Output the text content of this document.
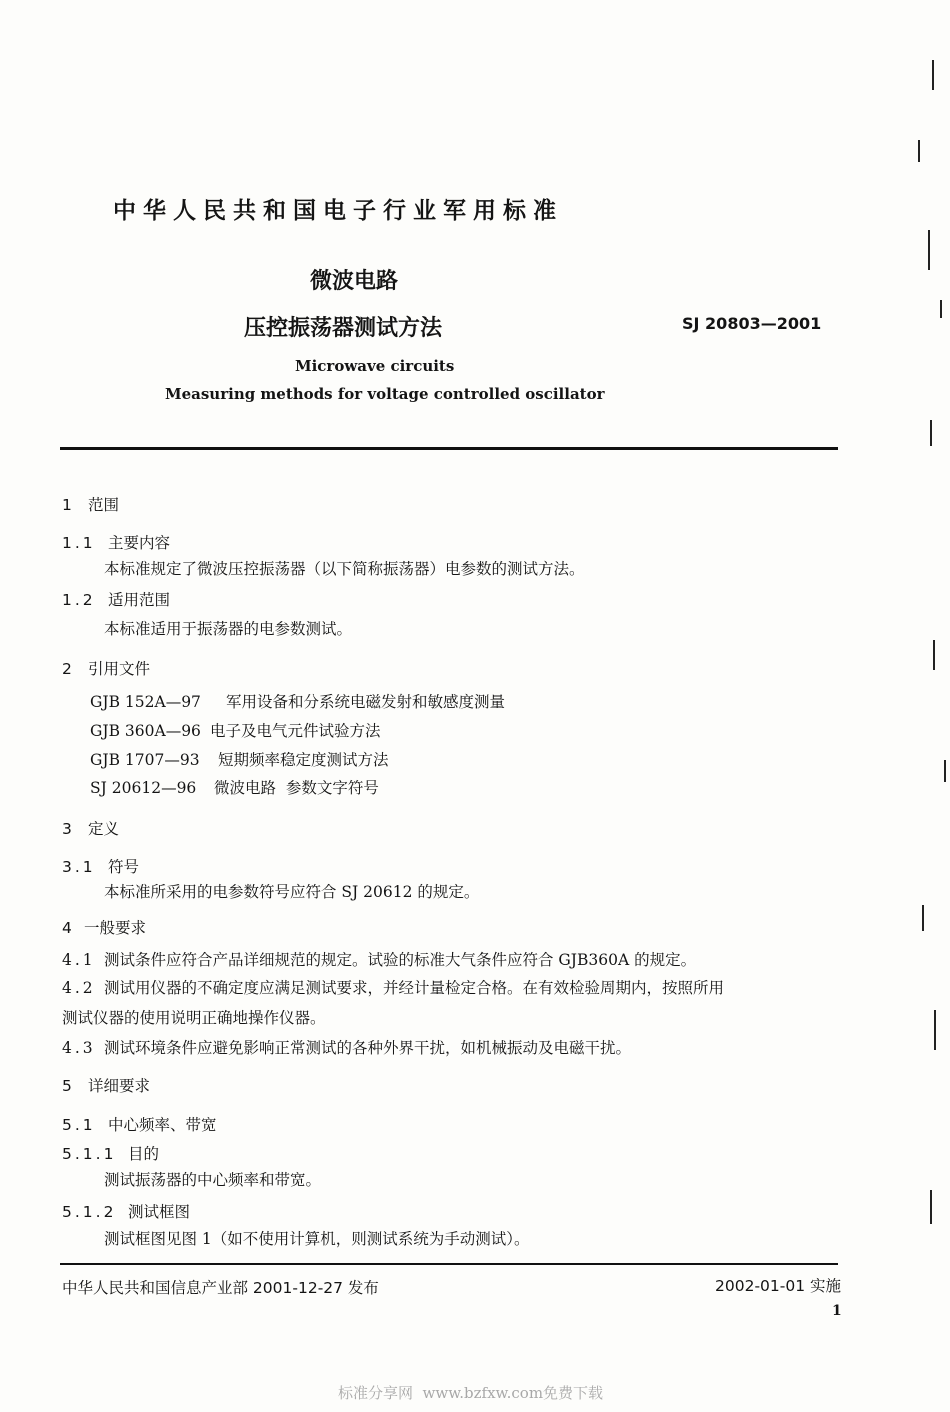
中华人民共和国电子行业军用标准
微波电路
压控振荡器测试方法	SJ 20803—2001
Microwave circuits
Measuring methods for voltage controlled oscillator
1 范围
1.1 主要内容
本标准规定了微波压控振荡器（以下简称振荡器）电参数的测试方法。
1.2 适用范围
本标准适用于振荡器的电参数测试。
2 引用文件
GJB 152A—97 军用设备和分系统电磁发射和敏感度测量
GJB 360A—96 电子及电气元件试验方法
GJB 1707—93 短期频率稳定度测试方法
SJ 20612—96 微波电路  参数文字符号
3 定义
3.1 符号
本标准所采用的电参数符号应符合 SJ 20612 的规定。
4 一般要求
4.1 测试条件应符合产品详细规范的规定。试验的标准大气条件应符合 GJB360A 的规定。
4.2 测试用仪器的不确定度应满足测试要求，并经计量检定合格。在有效检验周期内，按照所用
测试仪器的使用说明正确地操作仪器。
4.3 测试环境条件应避免影响正常测试的各种外界干扰，如机械振动及电磁干扰。
5 详细要求
5.1 中心频率、带宽
5.1.1 目的
测试振荡器的中心频率和带宽。
5.1.2 测试框图
测试框图见图 1（如不使用计算机，则测试系统为手动测试）。
中华人民共和国信息产业部 2001-12-27 发布	2002-01-01 实施
1
标准分享网  www.bzfxw.com免费下载
